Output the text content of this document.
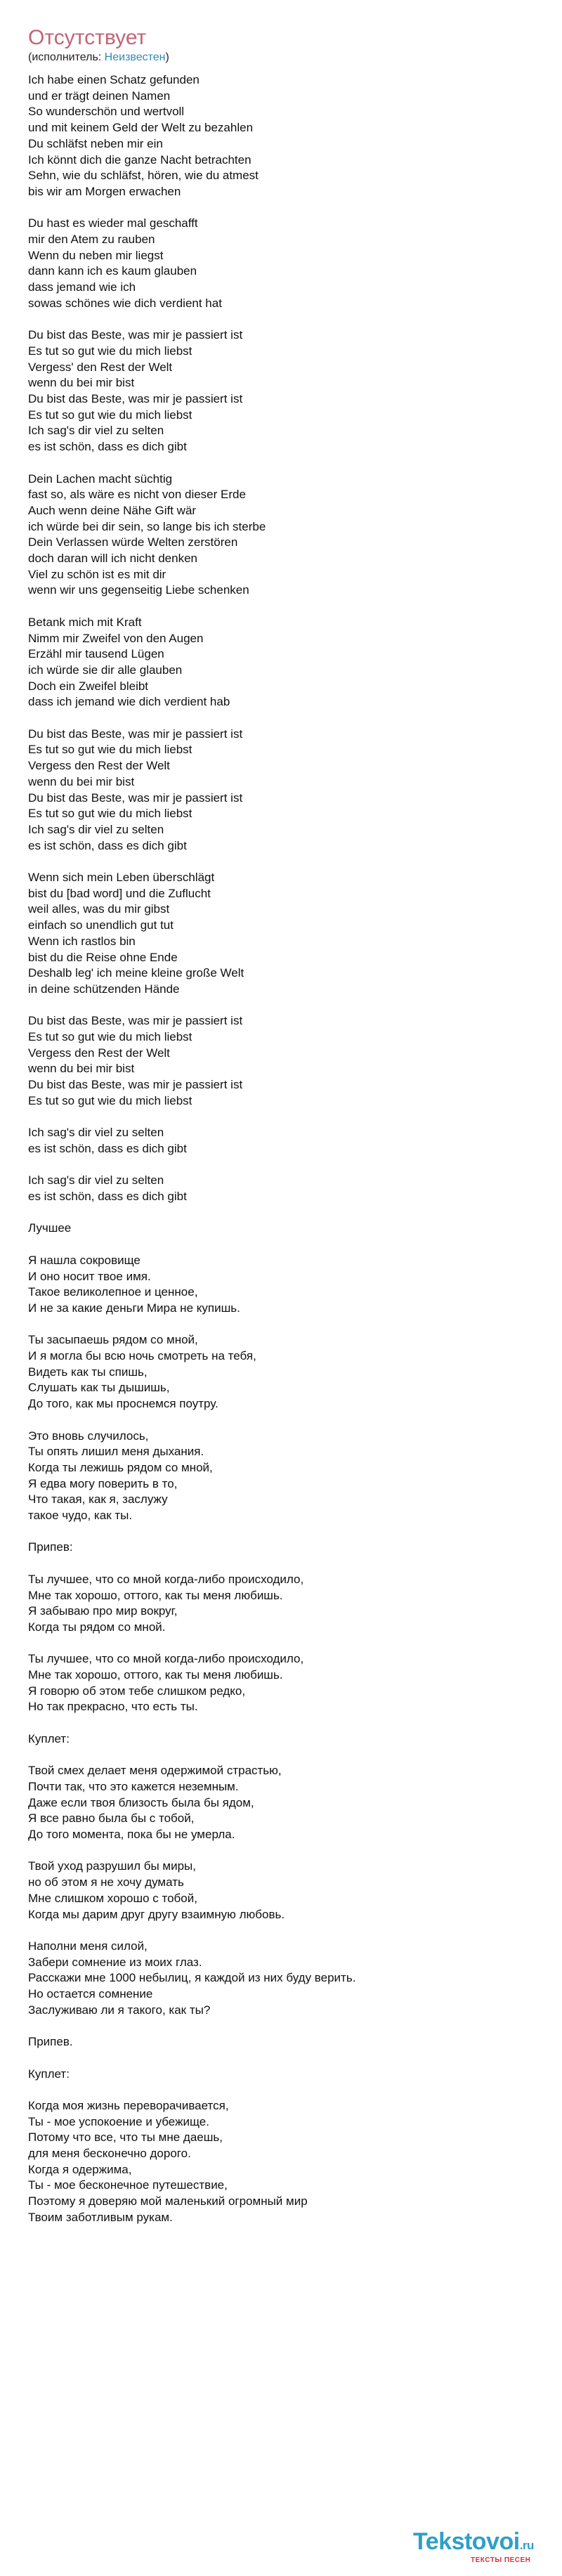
Отсутствует
(исполнитель: Неизвестен)
Ich habe einen Schatz gefunden
und er trägt deinen Namen
So wunderschön und wertvoll
und mit keinem Geld der Welt zu bezahlen
Du schläfst neben mir ein
Ich könnt dich die ganze Nacht betrachten
Sehn, wie du schläfst, hören, wie du atmest
bis wir am Morgen erwachen
Du hast es wieder mal geschafft
mir den Atem zu rauben
Wenn du neben mir liegst
dann kann ich es kaum glauben
dass jemand wie ich
sowas schönes wie dich verdient hat
Du bist das Beste, was mir je passiert ist
Es tut so gut wie du mich liebst
Vergess' den Rest der Welt
wenn du bei mir bist
Du bist das Beste, was mir je passiert ist
Es tut so gut wie du mich liebst
Ich sag's dir viel zu selten
es ist schön, dass es dich gibt
Dein Lachen macht süchtig
fast so, als wäre es nicht von dieser Erde
Auch wenn deine Nähe Gift wär
ich würde bei dir sein, so lange bis ich sterbe
Dein Verlassen würde Welten zerstören
doch daran will ich nicht denken
Viel zu schön ist es mit dir
wenn wir uns gegenseitig Liebe schenken
Betank mich mit Kraft
Nimm mir Zweifel von den Augen
Erzähl mir tausend Lügen
ich würde sie dir alle glauben
Doch ein Zweifel bleibt
dass ich jemand wie dich verdient hab
Du bist das Beste, was mir je passiert ist
Es tut so gut wie du mich liebst
Vergess den Rest der Welt
wenn du bei mir bist
Du bist das Beste, was mir je passiert ist
Es tut so gut wie du mich liebst
Ich sag's dir viel zu selten
es ist schön, dass es dich gibt
Wenn sich mein Leben überschlägt
bist du [bad word] und die Zuflucht
weil alles, was du mir gibst
einfach so unendlich gut tut
Wenn ich rastlos bin
bist du die Reise ohne Ende
Deshalb leg' ich meine kleine große Welt
in deine schützenden Hände
Du bist das Beste, was mir je passiert ist
Es tut so gut wie du mich liebst
Vergess den Rest der Welt
wenn du bei mir bist
Du bist das Beste, was mir je passiert ist
Es tut so gut wie du mich liebst
Ich sag's dir viel zu selten
es ist schön, dass es dich gibt
Ich sag's dir viel zu selten
es ist schön, dass es dich gibt
Лучшее
Я нашла сокровище
И оно носит твое имя.
Такое великолепное и ценное,
И не за какие деньги Мира не купишь.
Ты засыпаешь рядом со мной,
И я могла бы всю ночь смотреть на тебя,
Видеть как ты спишь,
Слушать как ты дышишь,
До того, как мы проснемся поутру.
Это вновь случилось,
Ты опять лишил меня дыхания.
Когда ты лежишь рядом со мной,
Я едва могу поверить в то,
Что такая, как я, заслужу
такое чудо, как ты.
Припев:
Ты лучшее, что со мной когда-либо происходило,
Мне так хорошо, оттого, как ты меня любишь.
Я забываю про мир вокруг,
Когда ты рядом со мной.
Ты лучшее, что со мной когда-либо происходило,
Мне так хорошо, оттого, как ты меня любишь.
Я говорю об этом тебе слишком редко,
Но так прекрасно, что есть ты.
Куплет:
Твой смех делает меня одержимой страстью,
Почти так, что это кажется неземным.
Даже если твоя близость была бы ядом,
Я все равно была бы с тобой,
До того момента, пока бы не умерла.
Твой уход разрушил бы миры,
но об этом я не хочу думать
Мне слишком хорошо с тобой,
Когда мы дарим друг другу взаимную любовь.
Наполни меня силой,
Забери сомнение из моих глаз.
Расскажи мне 1000 небылиц, я каждой из них буду верить.
Но остается сомнение
Заслуживаю ли я такого, как ты?
Припев.
Куплет:
Когда моя жизнь переворачивается,
Ты - мое успокоение и убежище.
Потому что все, что ты мне даешь,
для меня бесконечно дорого.
Когда я одержима,
Ты - мое бесконечное путешествие,
Поэтому я доверяю мой маленький огромный мир
Твоим заботливым рукам.
Tekstovoi.ru
ТЕКСТЫ ПЕСЕН
